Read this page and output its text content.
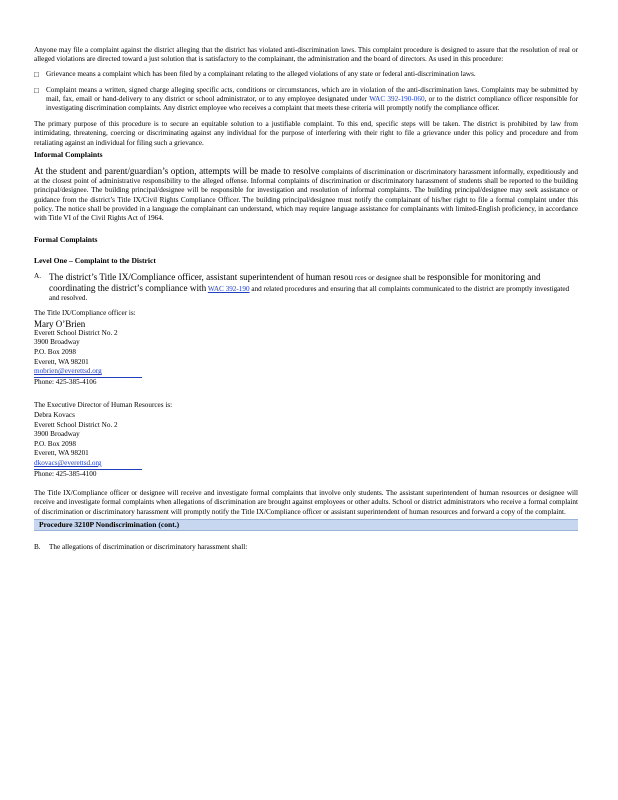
Anyone may file a complaint against the district alleging that the district has violated anti-discrimination laws. This complaint procedure is designed to assure that the resolution of real or alleged violations are directed toward a just solution that is satisfactory to the complainant, the administration and the board of directors. As used in this procedure:

□ Grievance means a complaint which has been filed by a complainant relating to the alleged violations of any state or federal anti-discrimination laws.
□ Complaint means a written, signed charge alleging specific acts, conditions or circumstances, which are in violation of the anti-discrimination laws. Complaints may be submitted by mail, fax, email or hand-delivery to any district or school administrator, or to any employee designated under WAC 392-190-060, or to the district compliance officer responsible for investigating discrimination complaints. Any district employee who receives a complaint that meets these criteria will promptly notify the compliance officer.

The primary purpose of this procedure is to secure an equitable solution to a justifiable complaint. To this end, specific steps will be taken. The district is prohibited by law from intimidating, threatening, coercing or discriminating against any individual for the purpose of interfering with their right to file a grievance under this policy and procedure and from retaliating against an individual for filing such a grievance.

Informal Complaints

At the student and parent/guardian’s option, attempts will be made to resolve complaints of discrimination or discriminatory harassment informally, expeditiously and at the closest point of administrative responsibility to the alleged offense. Informal complaints of discrimination or discriminatory harassment of students shall be reported to the building principal/designee. The building principal/designee will be responsible for investigation and resolution of informal complaints. The building principal/designee may seek assistance or guidance from the district’s Title IX/Civil Rights Compliance Officer. The building principal/designee must notify the complainant of his/her right to file a formal complaint under this policy. The notice shall be provided in a language the complainant can understand, which may require language assistance for complainants with limited-English proficiency, in accordance with Title VI of the Civil Rights Act of 1964.

Formal Complaints
Level One – Complaint to the District
A. The district’s Title IX/Compliance officer, assistant superintendent of human resou rces or designee shall be responsible for monitoring and coordinating the district’s compliance with WAC 392-190 and related procedures and ensuring that all complaints communicated to the district are promptly investigated and resolved.
The Title IX/Compliance officer is:
Mary O’Brien
Everett School District No. 2
3900 Broadway
P.O. Box 2098
Everett, WA 98201
mobrien@everettsd.org
Phone: 425-385-4106
The Executive Director of Human Resources is:
Debra Kovacs
Everett School District No. 2
3900 Broadway
P.O. Box 2098
Everett, WA 98201
dkovacs@everettsd.org
Phone: 425-385-4100

The Title IX/Compliance officer or designee will receive and investigate formal complaints that involve only students. The assistant superintendent of human resources or designee will receive and investigate formal complaints when allegations of discrimination are brought against employees or other adults. School or district administrators who receive a formal complaint of discrimination or discriminatory harassment will promptly notify the Title IX/Compliance officer or assistant superintendent of human resources and forward a copy of the complaint.

Procedure 3210P Nondiscrimination (cont.)
B.	The allegations of discrimination or discriminatory harassment shall:
